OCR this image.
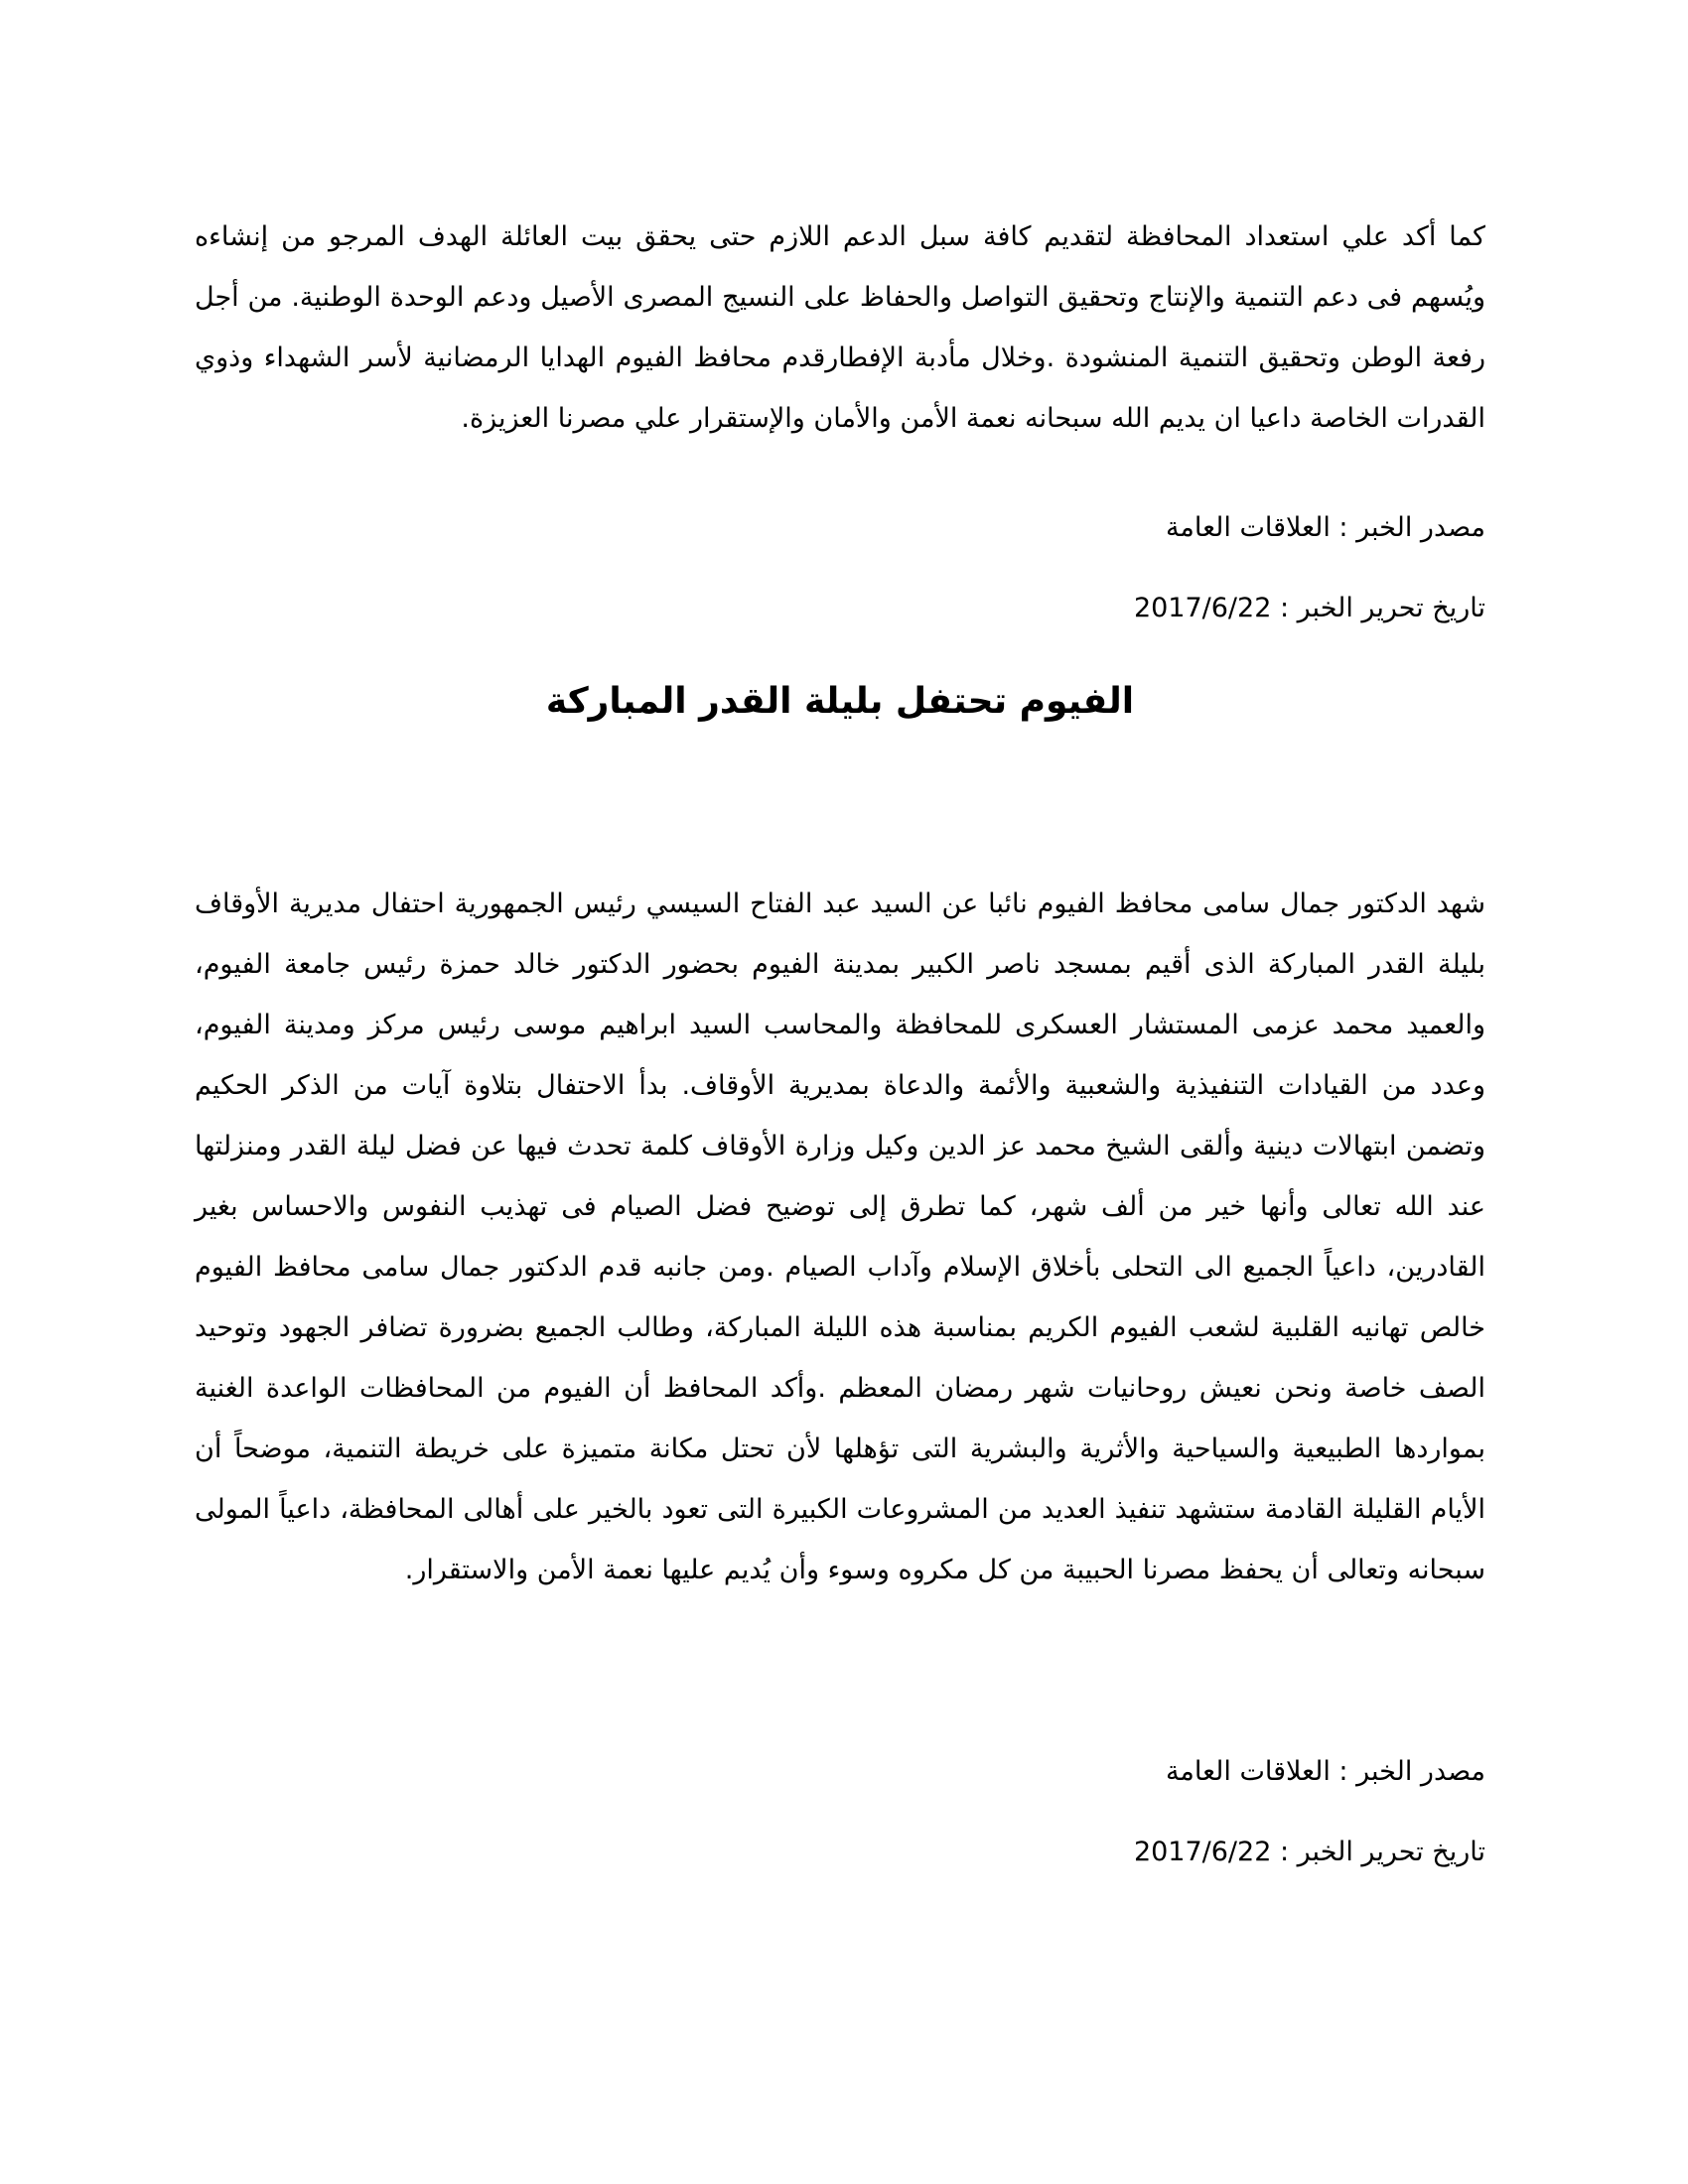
كما أكد علي استعداد المحافظة لتقديم كافة سبل الدعم اللازم حتى يحقق بيت العائلة الهدف المرجو من إنشاءه ويُسهم فى دعم التنمية والإنتاج وتحقيق التواصل والحفاظ على النسيج المصرى الأصيل ودعم الوحدة الوطنية. من أجل رفعة الوطن وتحقيق التنمية المنشودة .وخلال مأدبة الإفطارقدم محافظ الفيوم الهدايا الرمضانية لأسر الشهداء وذوي القدرات الخاصة داعيا ان يديم الله سبحانه نعمة الأمن والأمان والإستقرار علي مصرنا العزيزة.

مصدر الخبر : العلاقات العامة

تاريخ تحرير الخبر : 2017/6/22

الفيوم تحتفل بليلة القدر المباركة

شهد الدكتور جمال سامى محافظ الفيوم نائبا عن السيد عبد الفتاح السيسي رئيس الجمهورية احتفال مديرية الأوقاف بليلة القدر المباركة الذى أقيم بمسجد ناصر الكبير بمدينة الفيوم بحضور الدكتور خالد حمزة رئيس جامعة الفيوم، والعميد محمد عزمى المستشار العسكرى للمحافظة والمحاسب السيد ابراهيم موسى رئيس مركز ومدينة الفيوم، وعدد من القيادات التنفيذية والشعبية والأئمة والدعاة بمديرية الأوقاف. بدأ الاحتفال بتلاوة آيات من الذكر الحكيم وتضمن ابتهالات دينية وألقى الشيخ محمد عز الدين وكيل وزارة الأوقاف كلمة تحدث فيها عن فضل ليلة القدر ومنزلتها عند الله تعالى وأنها خير من ألف شهر، كما تطرق إلى توضيح فضل الصيام فى تهذيب النفوس والاحساس بغير القادرين، داعياً الجميع الى التحلى بأخلاق الإسلام وآداب الصيام .ومن جانبه قدم الدكتور جمال سامى محافظ الفيوم خالص تهانيه القلبية لشعب الفيوم الكريم بمناسبة هذه الليلة المباركة، وطالب الجميع بضرورة تضافر الجهود وتوحيد الصف خاصة ونحن نعيش روحانيات شهر رمضان المعظم .وأكد المحافظ أن الفيوم من المحافظات الواعدة الغنية بمواردها الطبيعية والسياحية والأثرية والبشرية التى تؤهلها لأن تحتل مكانة متميزة على خريطة التنمية، موضحاً أن الأيام القليلة القادمة ستشهد تنفيذ العديد من المشروعات الكبيرة التى تعود بالخير على أهالى المحافظة، داعياً المولى سبحانه وتعالى أن يحفظ مصرنا الحبيبة من كل مكروه وسوء وأن يُديم عليها نعمة الأمن والاستقرار.

مصدر الخبر : العلاقات العامة

تاريخ تحرير الخبر : 2017/6/22
